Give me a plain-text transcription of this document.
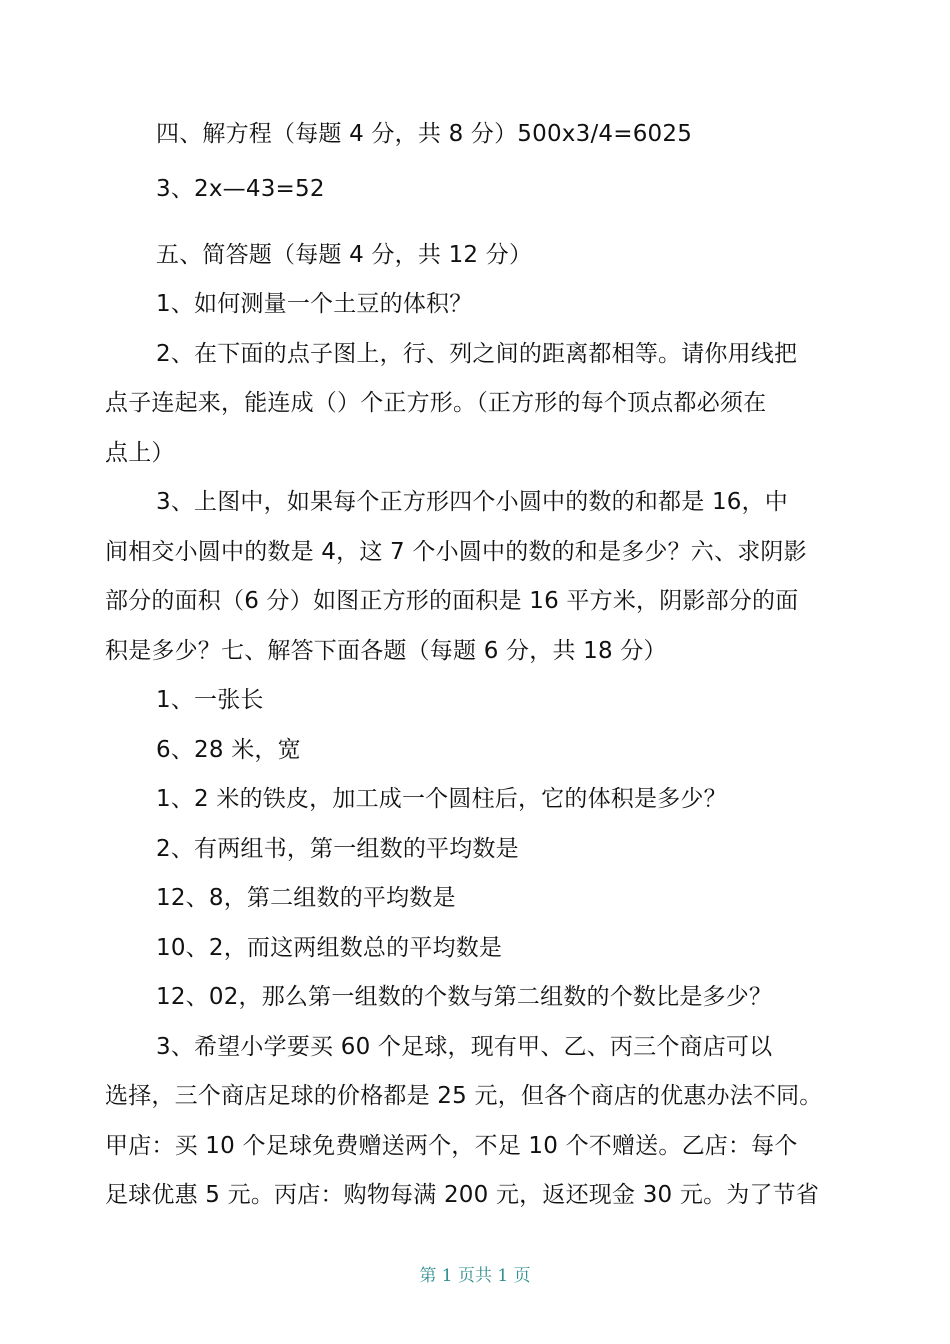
四、解方程（每题 4 分，共 8 分）500x3/4=6025
3、2x—43=52
五、简答题（每题 4 分，共 12 分）
1、如何测量一个土豆的体积？
2、在下面的点子图上，行、列之间的距离都相等。请你用线把
点子连起来，能连成（）个正方形。（正方形的每个顶点都必须在
点上）
3、上图中，如果每个正方形四个小圆中的数的和都是 16，中
间相交小圆中的数是 4，这 7 个小圆中的数的和是多少？六、求阴影
部分的面积（6 分）如图正方形的面积是 16 平方米，阴影部分的面
积是多少？七、解答下面各题（每题 6 分，共 18 分）
1、一张长
6、28 米，宽
1、2 米的铁皮，加工成一个圆柱后，它的体积是多少？
2、有两组书，第一组数的平均数是
12、8，第二组数的平均数是
10、2，而这两组数总的平均数是
12、02，那么第一组数的个数与第二组数的个数比是多少？
3、希望小学要买 60 个足球，现有甲、乙、丙三个商店可以
选择，三个商店足球的价格都是 25 元，但各个商店的优惠办法不同。
甲店：买 10 个足球免费赠送两个，不足 10 个不赠送。乙店：每个
足球优惠 5 元。丙店：购物每满 200 元，返还现金 30 元。为了节省
第 1 页共 1 页
